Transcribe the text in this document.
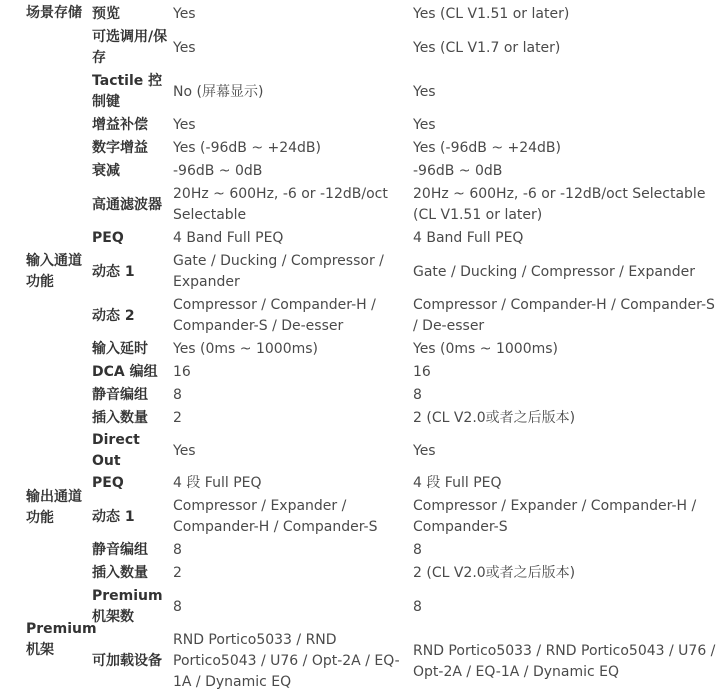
场景存储	预览	Yes	Yes (CL V1.51 or later)
	可选调用/保存	Yes	Yes (CL V1.7 or later)
	Tactile 控制键	No (屏幕显示)	Yes
输入通道功能	增益补偿	Yes	Yes
	数字增益	Yes (-96dB ~ +24dB)	Yes (-96dB ~ +24dB)
	衰减	-96dB ~ 0dB	-96dB ~ 0dB
	高通滤波器	20Hz ~ 600Hz, -6 or -12dB/oct Selectable	20Hz ~ 600Hz, -6 or -12dB/oct Selectable (CL V1.51 or later)
	PEQ	4 Band Full PEQ	4 Band Full PEQ
	动态 1	Gate / Ducking / Compressor / Expander	Gate / Ducking / Compressor / Expander
	动态 2	Compressor / Compander-H / Compander-S / De-esser	Compressor / Compander-H / Compander-S / De-esser
	输入延时	Yes (0ms ~ 1000ms)	Yes (0ms ~ 1000ms)
	DCA 编组	16	16
	静音编组	8	8
	插入数量	2	2 (CL V2.0或者之后版本)
输出通道功能	Direct Out	Yes	Yes
	PEQ	4 段 Full PEQ	4 段 Full PEQ
	动态 1	Compressor / Expander / Compander-H / Compander-S	Compressor / Expander / Compander-H / Compander-S
	静音编组	8	8
	插入数量	2	2 (CL V2.0或者之后版本)
Premium 机架	Premium 机架数	8	8
	可加载设备	RND Portico5033 / RND Portico5043 / U76 / Opt-2A / EQ-1A / Dynamic EQ	RND Portico5033 / RND Portico5043 / U76 / Opt-2A / EQ-1A / Dynamic EQ
